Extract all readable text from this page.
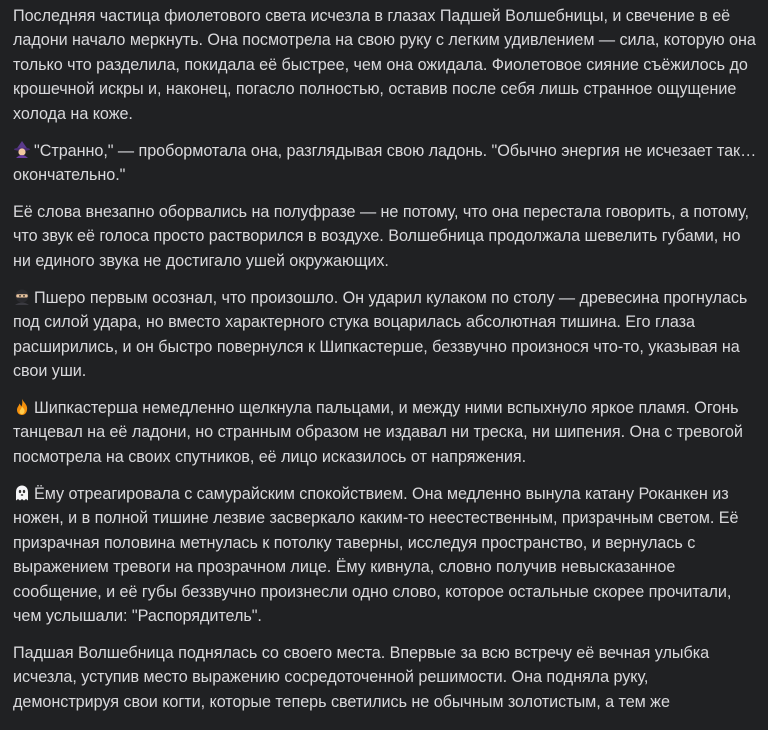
Последняя частица фиолетового света исчезла в глазах Падшей Волшебницы, и свечение в её ладони начало меркнуть. Она посмотрела на свою руку с легким удивлением — сила, которую она только что разделила, покидала её быстрее, чем она ожидала. Фиолетовое сияние съёжилось до крошечной искры и, наконец, погасло полностью, оставив после себя лишь странное ощущение холода на коже.

"Странно," — пробормотала она, разглядывая свою ладонь. "Обычно энергия не исчезает так… окончательно."

Её слова внезапно оборвались на полуфразе — не потому, что она перестала говорить, а потому, что звук её голоса просто растворился в воздухе. Волшебница продолжала шевелить губами, но ни единого звука не достигало ушей окружающих.

Пшеро первым осознал, что произошло. Он ударил кулаком по столу — древесина прогнулась под силой удара, но вместо характерного стука воцарилась абсолютная тишина. Его глаза расширились, и он быстро повернулся к Шипкастерше, беззвучно произнося что-то, указывая на свои уши.

Шипкастерша немедленно щелкнула пальцами, и между ними вспыхнуло яркое пламя. Огонь танцевал на её ладони, но странным образом не издавал ни треска, ни шипения. Она с тревогой посмотрела на своих спутников, её лицо исказилось от напряжения.

Ёму отреагировала с самурайским спокойствием. Она медленно вынула катану Роканкен из ножен, и в полной тишине лезвие засверкало каким-то неестественным, призрачным светом. Её призрачная половина метнулась к потолку таверны, исследуя пространство, и вернулась с выражением тревоги на прозрачном лице. Ёму кивнула, словно получив невысказанное сообщение, и её губы беззвучно произнесли одно слово, которое остальные скорее прочитали, чем услышали: "Распорядитель".

Падшая Волшебница поднялась со своего места. Впервые за всю встречу её вечная улыбка исчезла, уступив место выражению сосредоточенной решимости. Она подняла руку, демонстрируя свои когти, которые теперь светились не обычным золотистым, а тем же
